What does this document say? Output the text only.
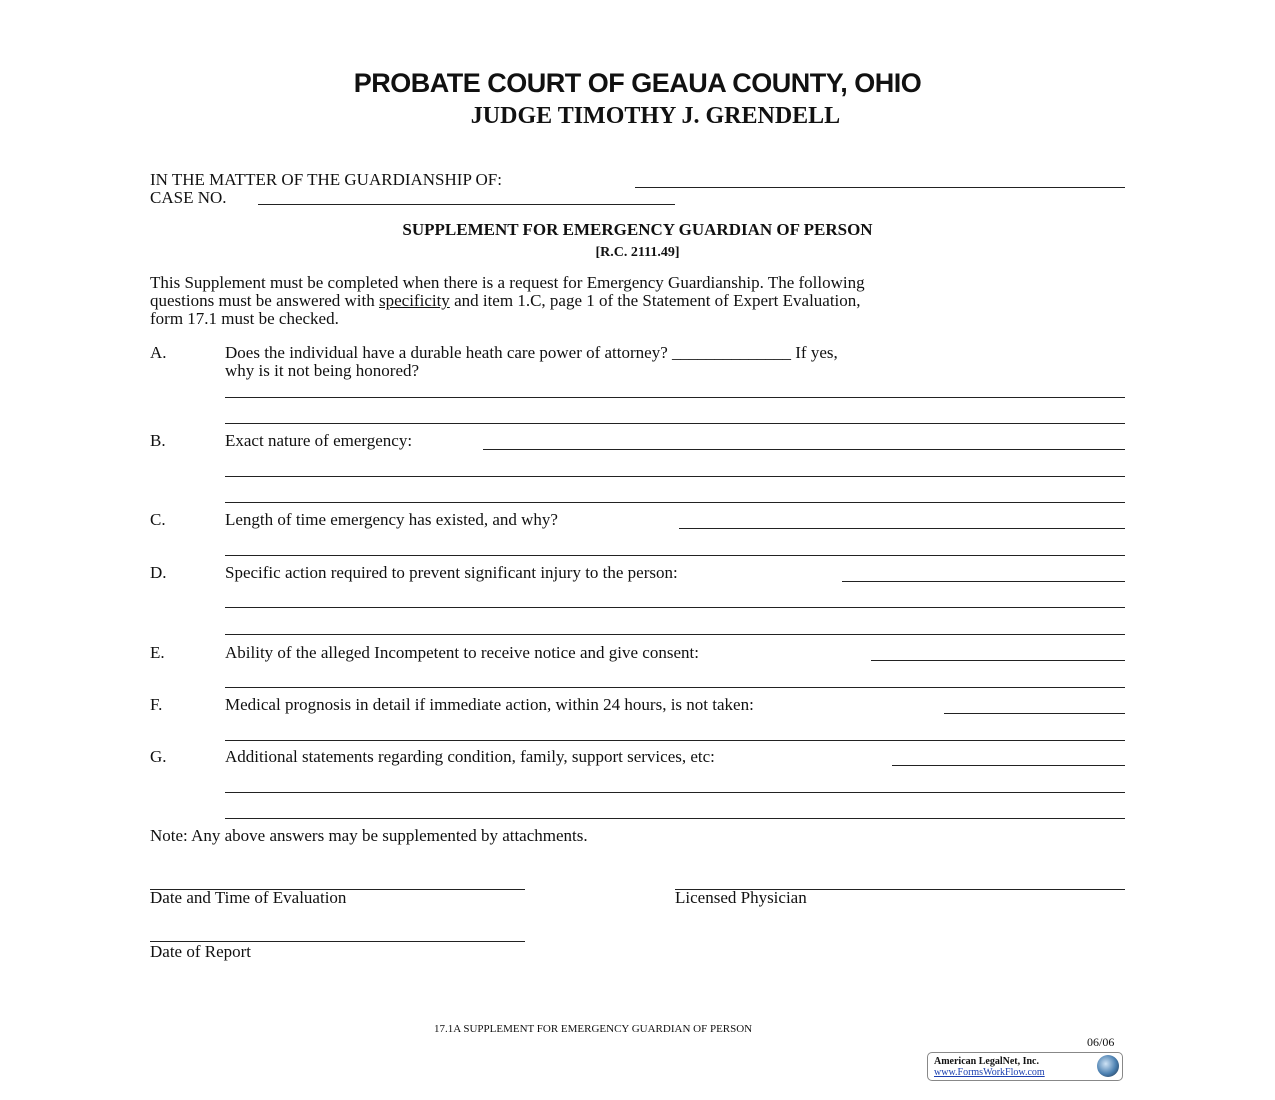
PROBATE COURT OF GEAUA COUNTY, OHIO
JUDGE TIMOTHY J. GRENDELL
IN THE MATTER OF THE GUARDIANSHIP OF:
CASE NO.
SUPPLEMENT FOR EMERGENCY GUARDIAN OF PERSON
[R.C. 2111.49]
This Supplement must be completed when there is a request for Emergency Guardianship. The following
questions must be answered with specificity and item 1.C, page 1 of the Statement of Expert Evaluation,
form 17.1 must be checked.
A.	Does the individual have a durable heath care power of attorney? ______________ If yes,
why is it not being honored?
B.	Exact nature of emergency:
C.	Length of time emergency has existed, and why?
D.	Specific action required to prevent significant injury to the person:
E.	Ability of the alleged Incompetent to receive notice and give consent:
F.	Medical prognosis in detail if immediate action, within 24 hours, is not taken:
G.	Additional statements regarding condition, family, support services, etc:
Note: Any above answers may be supplemented by attachments.
Date and Time of Evaluation	Licensed Physician
Date of Report
17.1A SUPPLEMENT FOR EMERGENCY GUARDIAN OF PERSON
06/06
American LegalNet, Inc.
www.FormsWorkFlow.com
